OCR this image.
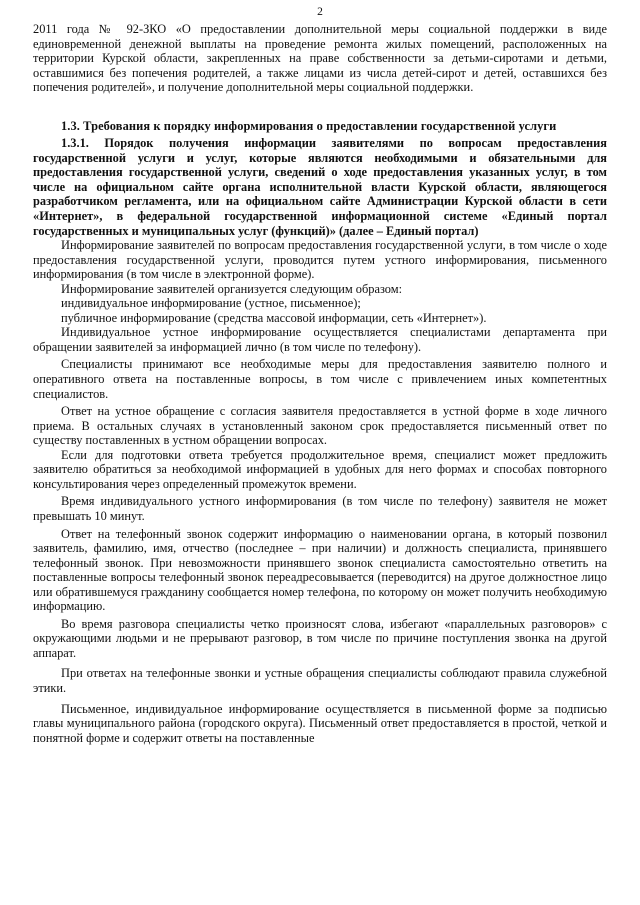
2

2011 года № 92-ЗКО «О предоставлении дополнительной меры социальной поддержки в виде единовременной денежной выплаты на проведение ремонта жилых помещений, расположенных на территории Курской области, закрепленных на праве собственности за детьми-сиротами и детьми, оставшимися без попечения родителей, а также лицами из числа детей-сирот и детей, оставшихся без попечения родителей», и получение дополнительной меры социальной поддержки.

1.3. Требования к порядку информирования о предоставлении государственной услуги

1.3.1. Порядок получения информации заявителями по вопросам предоставления государственной услуги и услуг, которые являются необходимыми и обязательными для предоставления государственной услуги, сведений о ходе предоставления указанных услуг, в том числе на официальном сайте органа исполнительной власти Курской области, являющегося разработчиком регламента, или на официальном сайте Администрации Курской области в сети «Интернет», в федеральной государственной информационной системе «Единый портал государственных и муниципальных услуг (функций)» (далее – Единый портал)

Информирование заявителей по вопросам предоставления государственной услуги, в том числе о ходе предоставления государственной услуги, проводится путем устного информирования, письменного информирования (в том числе в электронной форме).

Информирование заявителей организуется следующим образом:

индивидуальное информирование (устное, письменное);

публичное информирование (средства массовой информации, сеть «Интернет»).

Индивидуальное устное информирование осуществляется специалистами департамента при обращении заявителей за информацией лично (в том числе по телефону).

Специалисты принимают все необходимые меры для предоставления заявителю полного и оперативного ответа на поставленные вопросы, в том числе с привлечением иных компетентных специалистов.

Ответ на устное обращение с согласия заявителя предоставляется в устной форме в ходе личного приема. В остальных случаях в установленный законом срок предоставляется письменный ответ по существу поставленных в устном обращении вопросах.

Если для подготовки ответа требуется продолжительное время, специалист может предложить заявителю обратиться за необходимой информацией в удобных для него формах и способах повторного консультирования через определенный промежуток времени.

Время индивидуального устного информирования (в том числе по телефону) заявителя не может превышать 10 минут.

Ответ на телефонный звонок содержит информацию о наименовании органа, в который позвонил заявитель, фамилию, имя, отчество (последнее – при наличии) и должность специалиста, принявшего телефонный звонок. При невозможности принявшего звонок специалиста самостоятельно ответить на поставленные вопросы телефонный звонок переадресовывается (переводится) на другое должностное лицо или обратившемуся гражданину сообщается номер телефона, по которому он может получить необходимую информацию.

Во время разговора специалисты четко произносят слова, избегают «параллельных разговоров» с окружающими людьми и не прерывают разговор, в том числе по причине поступления звонка на другой аппарат.

При ответах на телефонные звонки и устные обращения специалисты соблюдают правила служебной этики.

Письменное, индивидуальное информирование осуществляется в письменной форме за подписью главы муниципального района (городского округа). Письменный ответ предоставляется в простой, четкой и понятной форме и содержит ответы на поставленные
